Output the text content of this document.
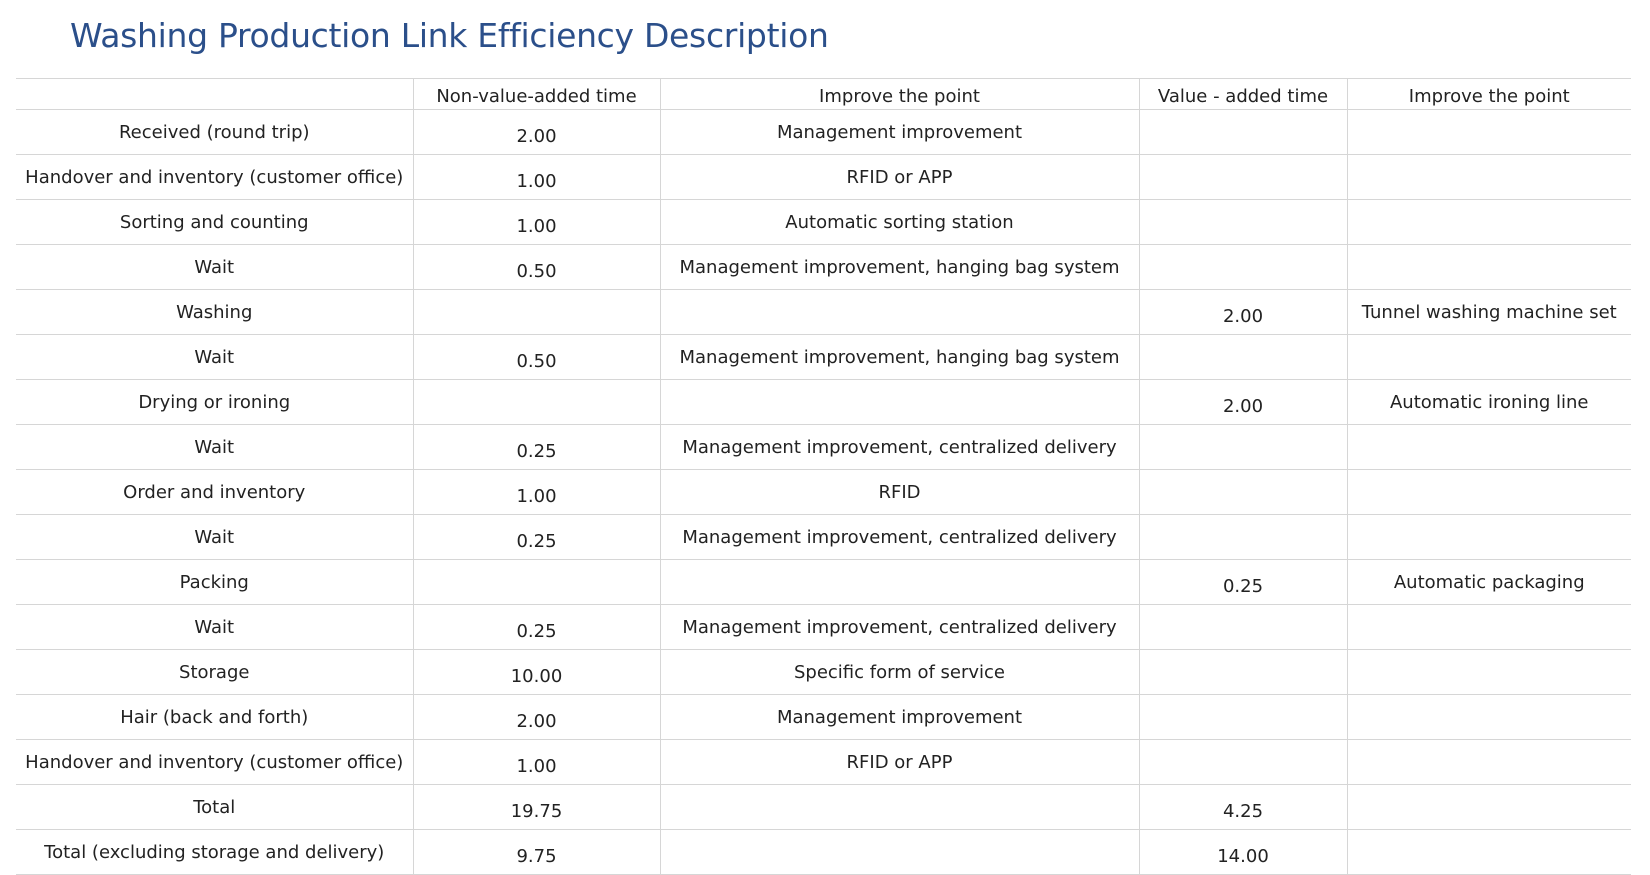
Washing Production Link Efficiency Description
	Non-value-added time	Improve the point	Value - added time	Improve the point
Received (round trip)	2.00	Management improvement		
Handover and inventory (customer office)	1.00	RFID or APP		
Sorting and counting	1.00	Automatic sorting station		
Wait	0.50	Management improvement, hanging bag system		
Washing			2.00	Tunnel washing machine set
Wait	0.50	Management improvement, hanging bag system		
Drying or ironing			2.00	Automatic ironing line
Wait	0.25	Management improvement, centralized delivery		
Order and inventory	1.00	RFID		
Wait	0.25	Management improvement, centralized delivery		
Packing			0.25	Automatic packaging
Wait	0.25	Management improvement, centralized delivery		
Storage	10.00	Specific form of service		
Hair (back and forth)	2.00	Management improvement		
Handover and inventory (customer office)	1.00	RFID or APP		
Total	19.75		4.25	
Total (excluding storage and delivery)	9.75		14.00	
